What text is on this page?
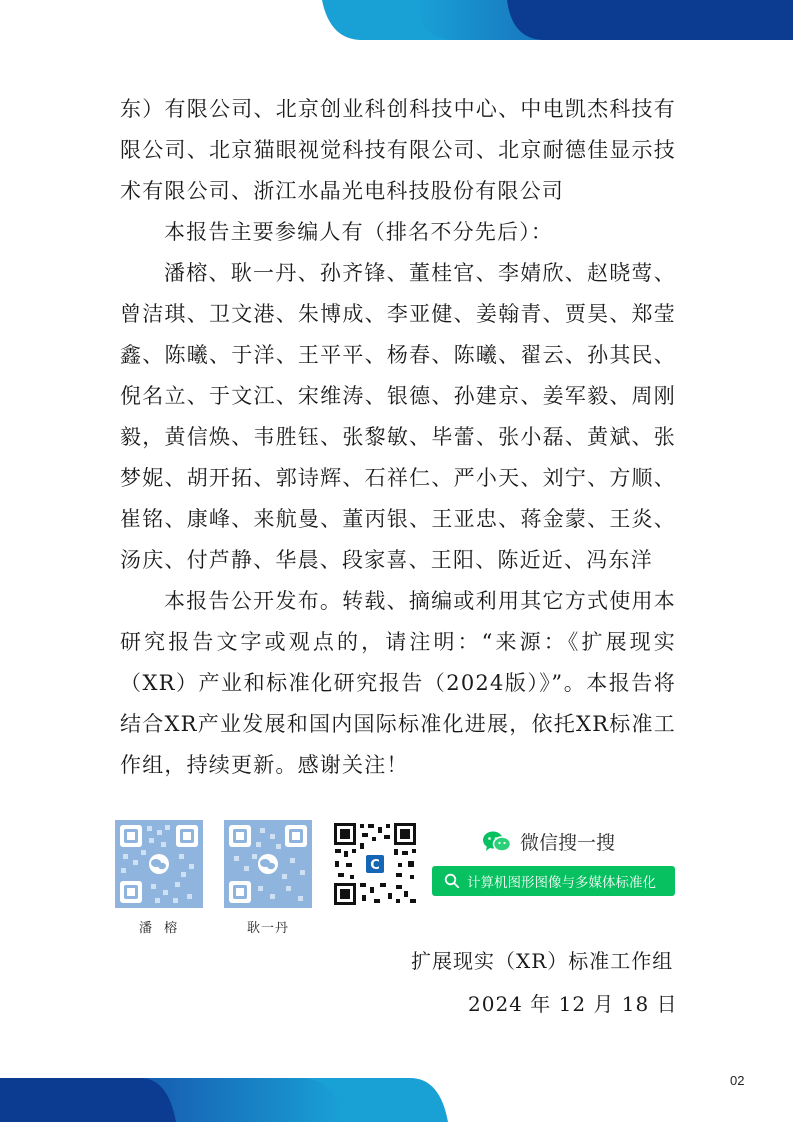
东）有限公司、北京创业科创科技中心、中电凯杰科技有限公司、北京猫眼视觉科技有限公司、北京耐德佳显示技术有限公司、浙江水晶光电科技股份有限公司

本报告主要参编人有（排名不分先后）：

潘榕、耿一丹、孙齐锋、董桂官、李婧欣、赵晓莺、曾洁琪、卫文港、朱博成、李亚健、姜翰青、贾昊、郑莹鑫、陈曦、于洋、王平平、杨春、陈曦、翟云、孙其民、倪名立、于文江、宋维涛、银德、孙建京、姜军毅、周刚毅，黄信焕、韦胜钰、张黎敏、毕蕾、张小磊、黄斌、张梦妮、胡开拓、郭诗辉、石祥仁、严小天、刘宁、方顺、崔铭、康峰、来航曼、董丙银、王亚忠、蒋金蒙、王炎、汤庆、付芦静、华晨、段家喜、王阳、陈近近、冯东洋

本报告公开发布。转载、摘编或利用其它方式使用本研究报告文字或观点的，请注明：“来源：《扩展现实（XR）产业和标准化研究报告（2024版）》”。本报告将结合XR产业发展和国内国际标准化进展，依托XR标准工作组，持续更新。感谢关注！

C
潘 榕	耿一丹
微信搜一搜
计算机图形图像与多媒体标准化
扩展现实（XR）标准工作组
2024 年 12 月 18 日
02
